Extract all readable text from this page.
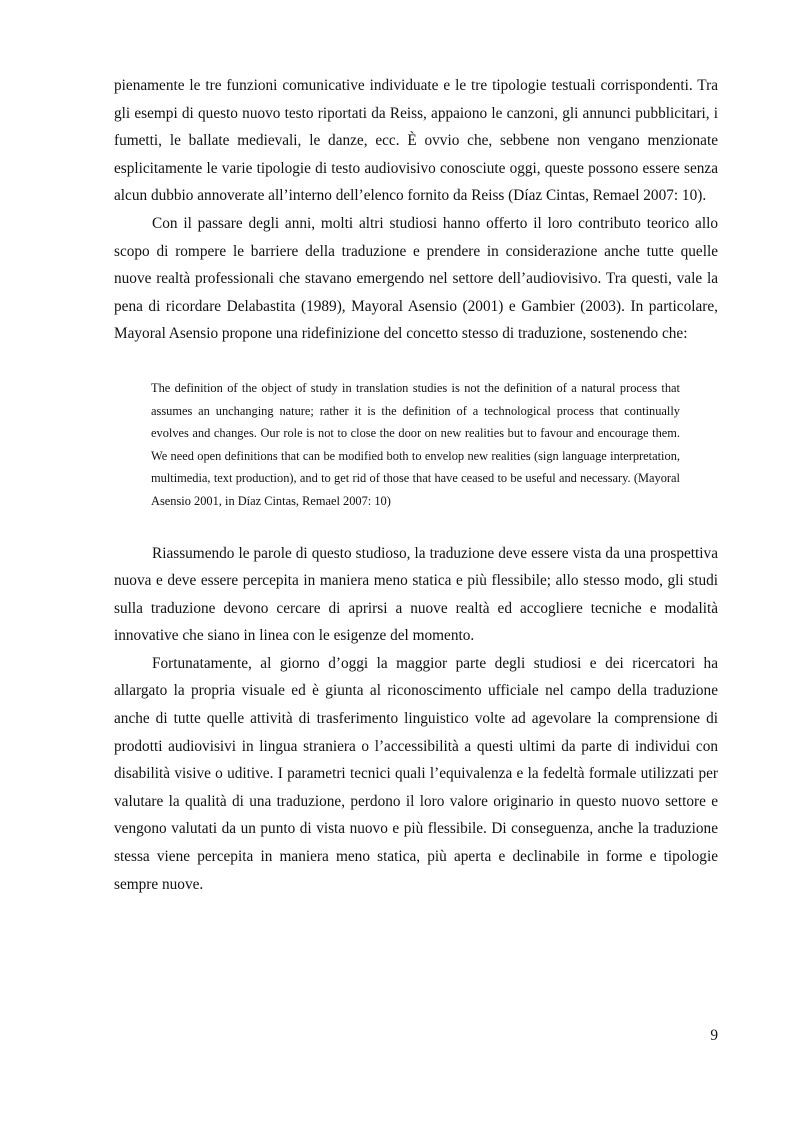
pienamente le tre funzioni comunicative individuate e le tre tipologie testuali corrispondenti. Tra gli esempi di questo nuovo testo riportati da Reiss, appaiono le canzoni, gli annunci pubblicitari, i fumetti, le ballate medievali, le danze, ecc. È ovvio che, sebbene non vengano menzionate esplicitamente le varie tipologie di testo audiovisivo conosciute oggi, queste possono essere senza alcun dubbio annoverate all’interno dell’elenco fornito da Reiss (Díaz Cintas, Remael 2007: 10).

Con il passare degli anni, molti altri studiosi hanno offerto il loro contributo teorico allo scopo di rompere le barriere della traduzione e prendere in considerazione anche tutte quelle nuove realtà professionali che stavano emergendo nel settore dell’audiovisivo. Tra questi, vale la pena di ricordare Delabastita (1989), Mayoral Asensio (2001) e Gambier (2003). In particolare, Mayoral Asensio propone una ridefinizione del concetto stesso di traduzione, sostenendo che:

The definition of the object of study in translation studies is not the definition of a natural process that assumes an unchanging nature; rather it is the definition of a technological process that continually evolves and changes. Our role is not to close the door on new realities but to favour and encourage them. We need open definitions that can be modified both to envelop new realities (sign language interpretation, multimedia, text production), and to get rid of those that have ceased to be useful and necessary. (Mayoral Asensio 2001, in Díaz Cintas, Remael 2007: 10)

Riassumendo le parole di questo studioso, la traduzione deve essere vista da una prospettiva nuova e deve essere percepita in maniera meno statica e più flessibile; allo stesso modo, gli studi sulla traduzione devono cercare di aprirsi a nuove realtà ed accogliere tecniche e modalità innovative che siano in linea con le esigenze del momento.

Fortunatamente, al giorno d’oggi la maggior parte degli studiosi e dei ricercatori ha allargato la propria visuale ed è giunta al riconoscimento ufficiale nel campo della traduzione anche di tutte quelle attività di trasferimento linguistico volte ad agevolare la comprensione di prodotti audiovisivi in lingua straniera o l’accessibilità a questi ultimi da parte di individui con disabilità visive o uditive. I parametri tecnici quali l’equivalenza e la fedeltà formale utilizzati per valutare la qualità di una traduzione, perdono il loro valore originario in questo nuovo settore e vengono valutati da un punto di vista nuovo e più flessibile. Di conseguenza, anche la traduzione stessa viene percepita in maniera meno statica, più aperta e declinabile in forme e tipologie sempre nuove.

9
